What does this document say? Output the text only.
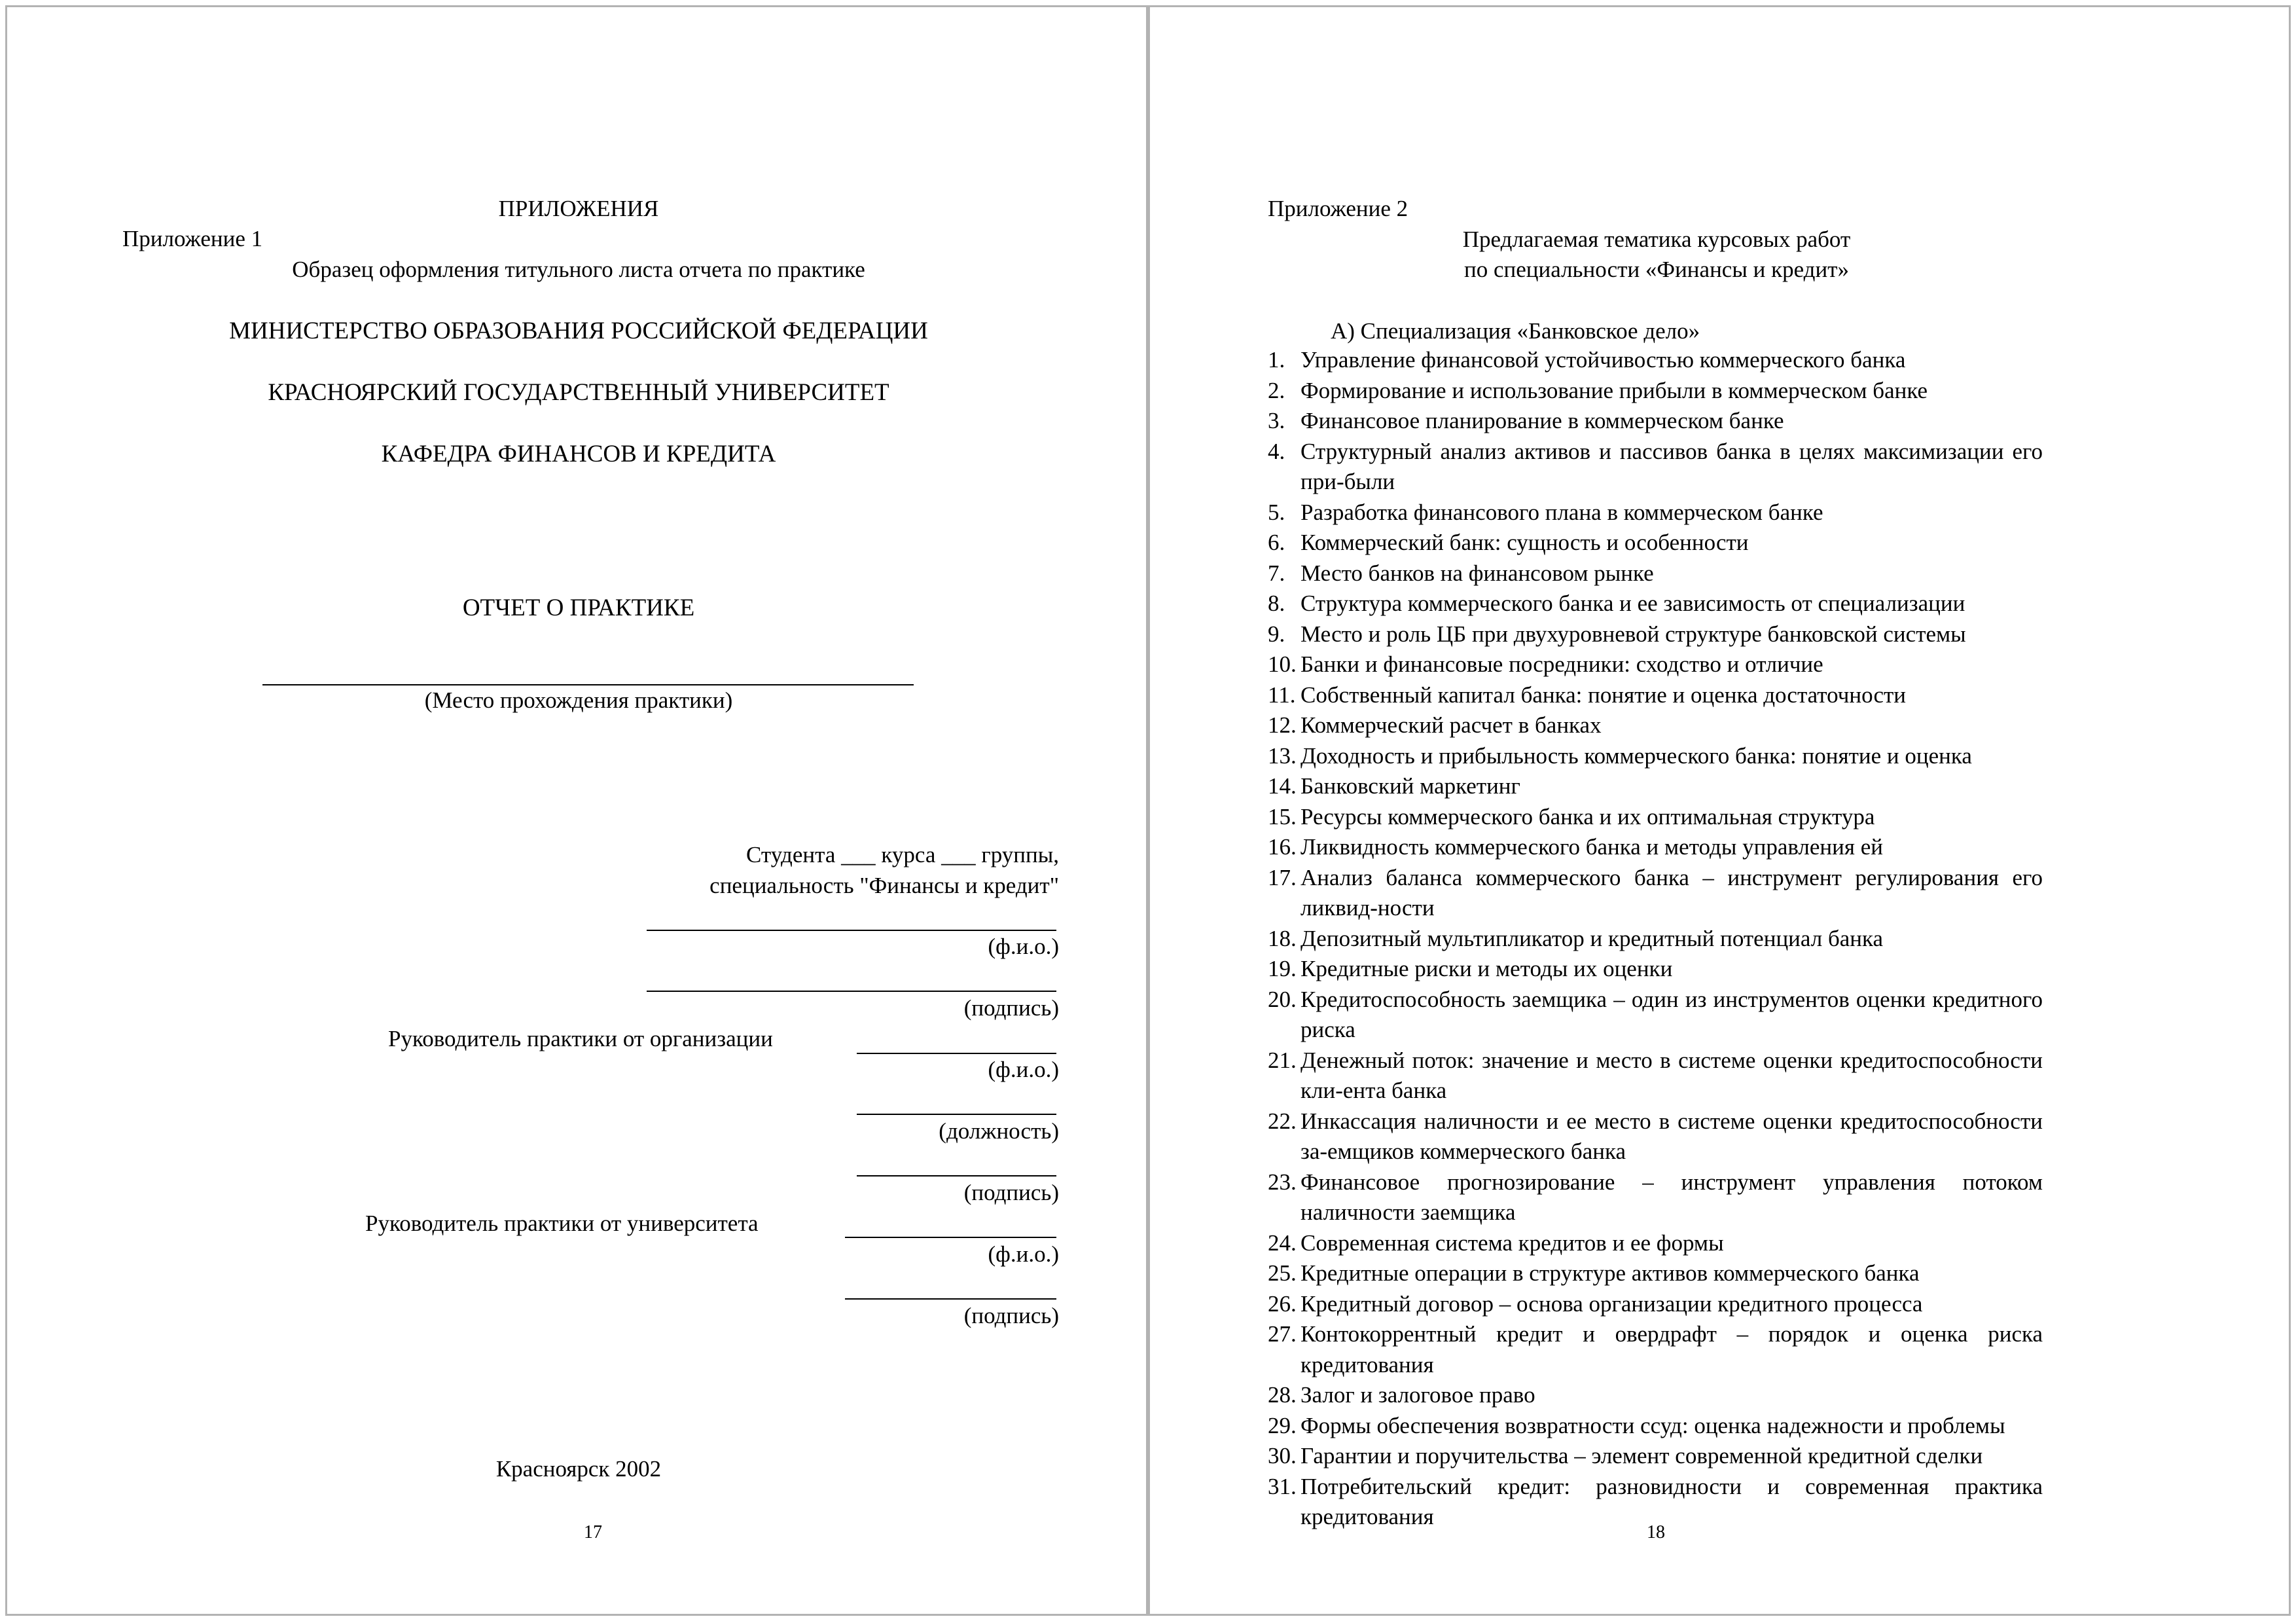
ПРИЛОЖЕНИЯ
Приложение 1
Образец оформления титульного листа отчета по практике
МИНИСТЕРСТВО ОБРАЗОВАНИЯ РОССИЙСКОЙ ФЕДЕРАЦИИ
КРАСНОЯРСКИЙ ГОСУДАРСТВЕННЫЙ УНИВЕРСИТЕТ
КАФЕДРА ФИНАНСОВ И КРЕДИТА
ОТЧЕТ О ПРАКТИКЕ
(Место прохождения практики)
Студента ___ курса ___ группы,
специальность "Финансы и кредит"
(ф.и.о.)
(подпись)
Руководитель практики от организации
(ф.и.о.)
(должность)
(подпись)
Руководитель практики от университета
(ф.и.о.)
(подпись)
Красноярск 2002
17
Приложение 2
Предлагаемая тематика курсовых работ
по специальности «Финансы и кредит»
А) Специализация «Банковское дело»
1. Управление финансовой устойчивостью коммерческого банка
2. Формирование и использование прибыли в коммерческом банке
3. Финансовое планирование в коммерческом банке
4. Структурный анализ активов и пассивов банка в целях максимизации его при-были
5. Разработка финансового плана в коммерческом банке
6. Коммерческий банк: сущность и особенности
7. Место банков на финансовом рынке
8. Структура коммерческого банка и ее зависимость от специализации
9. Место и роль ЦБ при двухуровневой структуре банковской системы
10. Банки и финансовые посредники: сходство и отличие
11. Собственный капитал банка: понятие и оценка достаточности
12. Коммерческий расчет в банках
13. Доходность и прибыльность коммерческого банка: понятие и оценка
14. Банковский маркетинг
15. Ресурсы коммерческого банка и их оптимальная структура
16. Ликвидность коммерческого банка и методы управления ей
17. Анализ баланса коммерческого банка – инструмент регулирования его ликвид-ности
18. Депозитный мультипликатор и кредитный потенциал банка
19. Кредитные риски и методы их оценки
20. Кредитоспособность заемщика – один из инструментов оценки кредитного риска
21. Денежный поток: значение и место в системе оценки кредитоспособности кли-ента банка
22. Инкассация наличности и ее место в системе оценки кредитоспособности за-емщиков коммерческого банка
23. Финансовое прогнозирование – инструмент управления потоком наличности заемщика
24. Современная система кредитов и ее формы
25. Кредитные операции в структуре активов коммерческого банка
26. Кредитный договор – основа организации кредитного процесса
27. Контокоррентный кредит и овердрафт – порядок и оценка риска кредитования
28. Залог и залоговое право
29. Формы обеспечения возвратности ссуд: оценка надежности и проблемы
30. Гарантии и поручительства – элемент современной кредитной сделки
31. Потребительский кредит: разновидности и современная практика кредитования
18
